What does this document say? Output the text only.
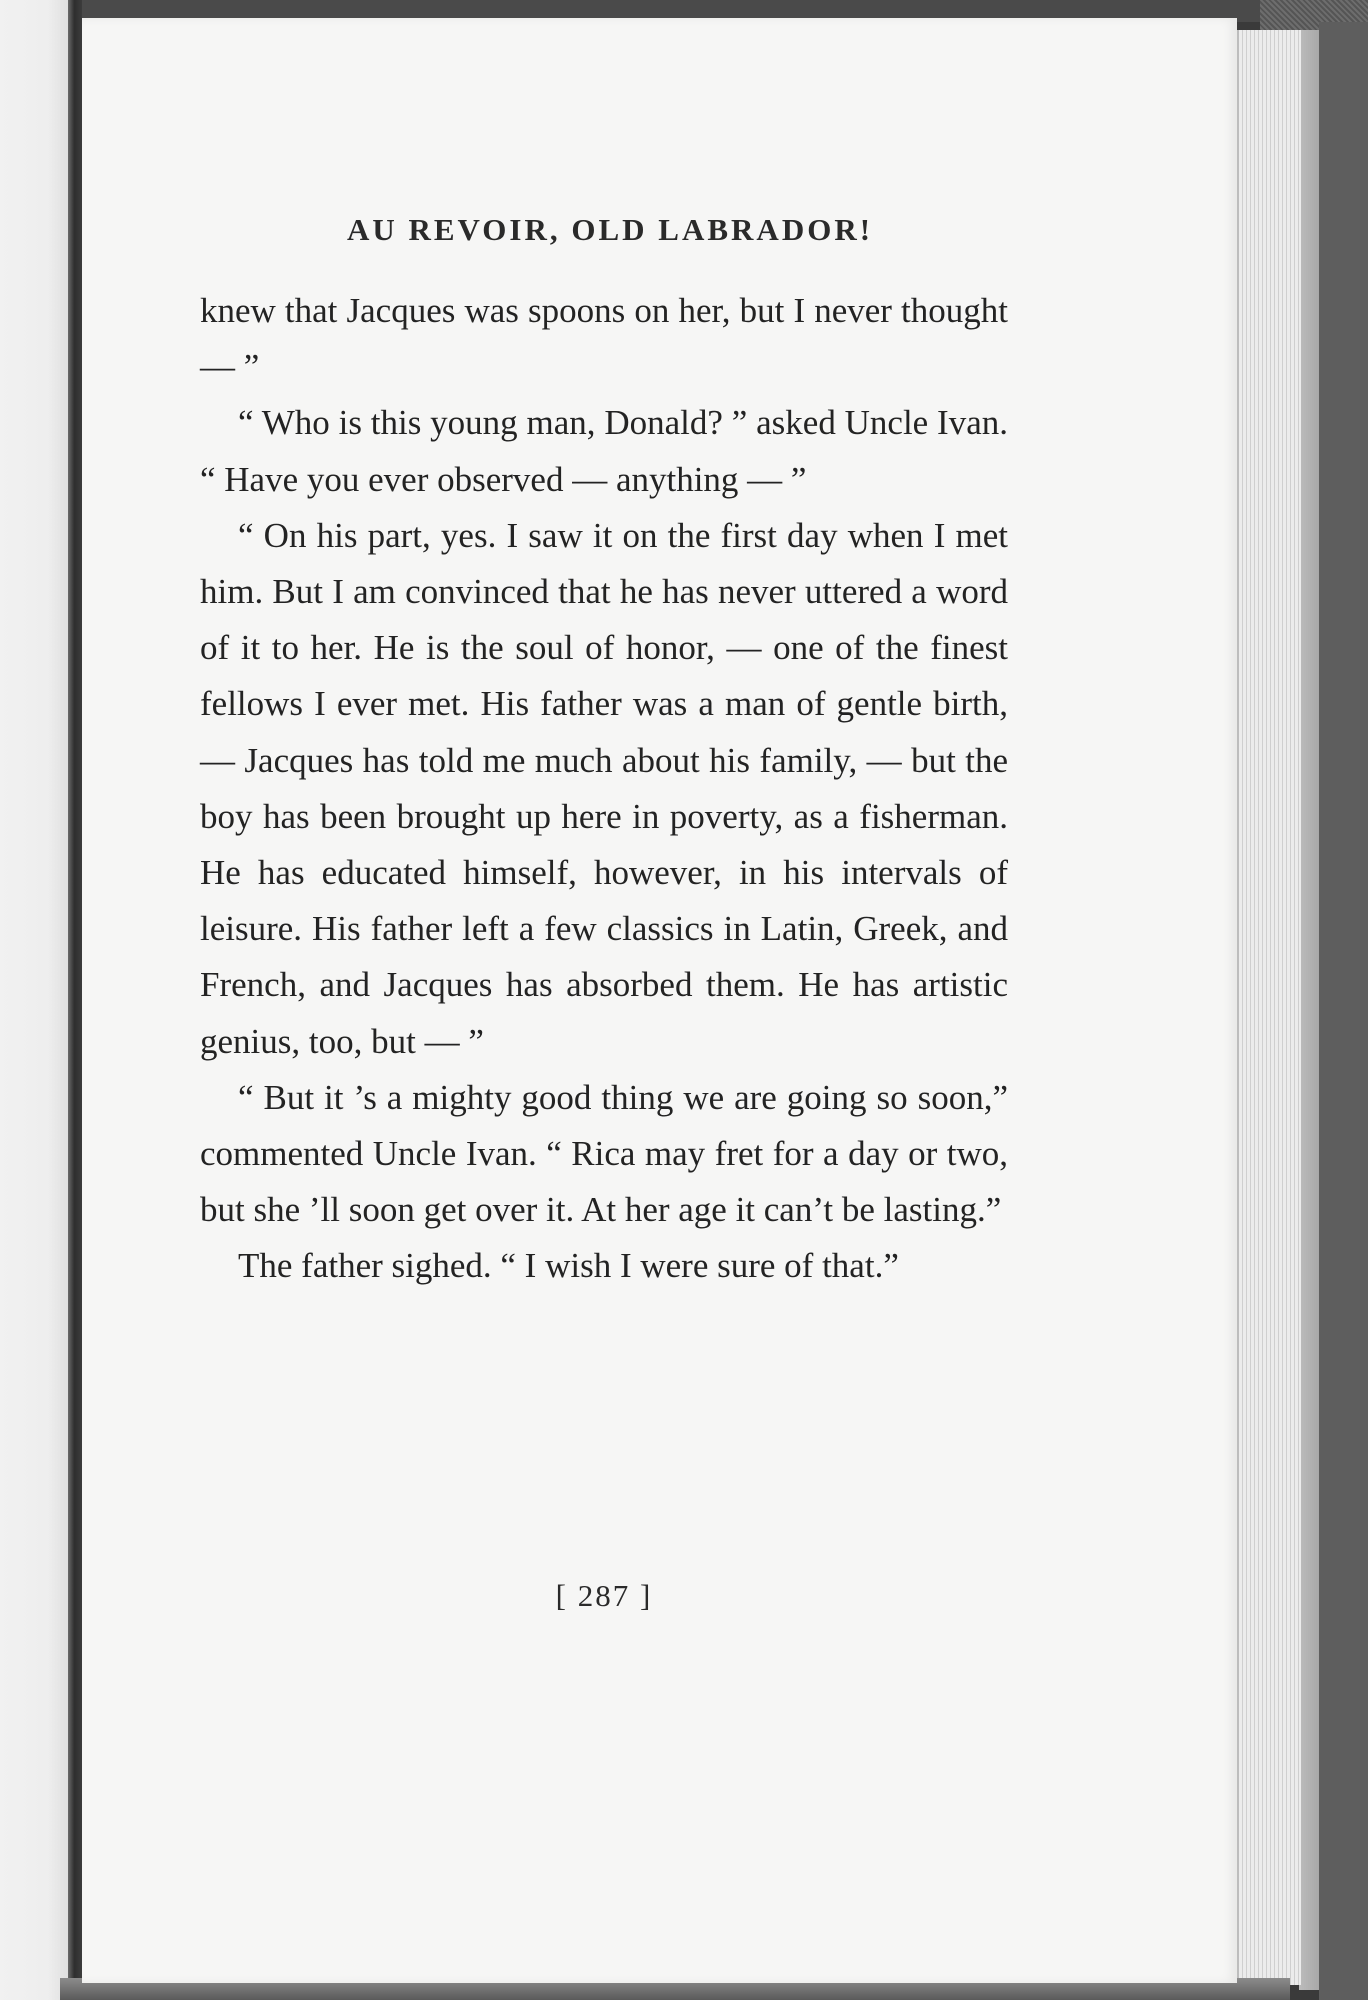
AU REVOIR, OLD LABRADOR!

knew that Jacques was spoons on her, but I never thought — ”

“ Who is this young man, Donald? ” asked Uncle Ivan. “ Have you ever observed — anything — ”

“ On his part, yes. I saw it on the first day when I met him. But I am convinced that he has never uttered a word of it to her. He is the soul of honor, — one of the finest fellows I ever met. His father was a man of gentle birth, — Jacques has told me much about his family, — but the boy has been brought up here in poverty, as a fisherman. He has educated himself, however, in his intervals of leisure. His father left a few classics in Latin, Greek, and French, and Jacques has absorbed them. He has artistic genius, too, but — ”

“ But it ’s a mighty good thing we are going so soon,” commented Uncle Ivan. “ Rica may fret for a day or two, but she ’ll soon get over it. At her age it can’t be lasting.”

The father sighed. “ I wish I were sure of that.”

[ 287 ]
